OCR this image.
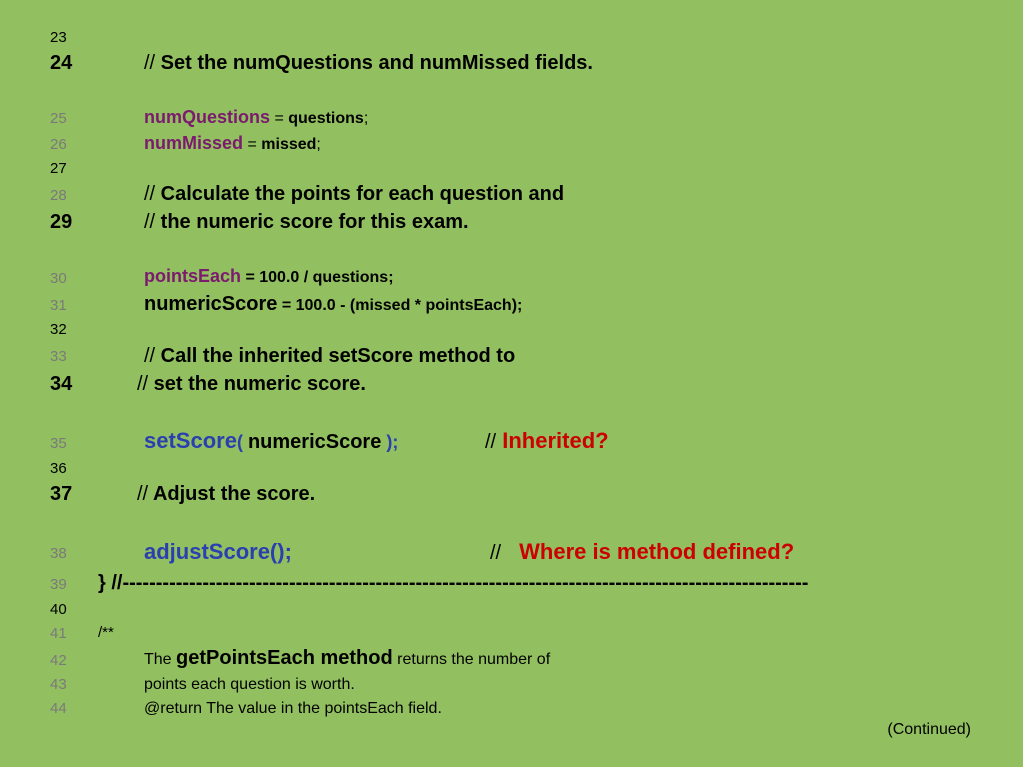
23
24
25
26
27
28
29
30
31
32
33
34
35
36
37
38
39
40
41
42
43
44
// Set the numQuestions and numMissed fields.
numQuestions = questions;
numMissed = missed;
// Calculate the points for each question and
// the numeric score for this exam.
pointsEach = 100.0 / questions;
numericScore = 100.0 - (missed * pointsEach);
// Call the inherited setScore method to
// set the numeric score.
setScore( numericScore );	// Inherited?
// Adjust the score.
adjustScore();	// Where is method defined?
} //-------------------------------------------------------------------------------------------------------
/**
The getPointsEach method returns the number of
points each question is worth.
@return The value in the pointsEach field.
(Continued)
